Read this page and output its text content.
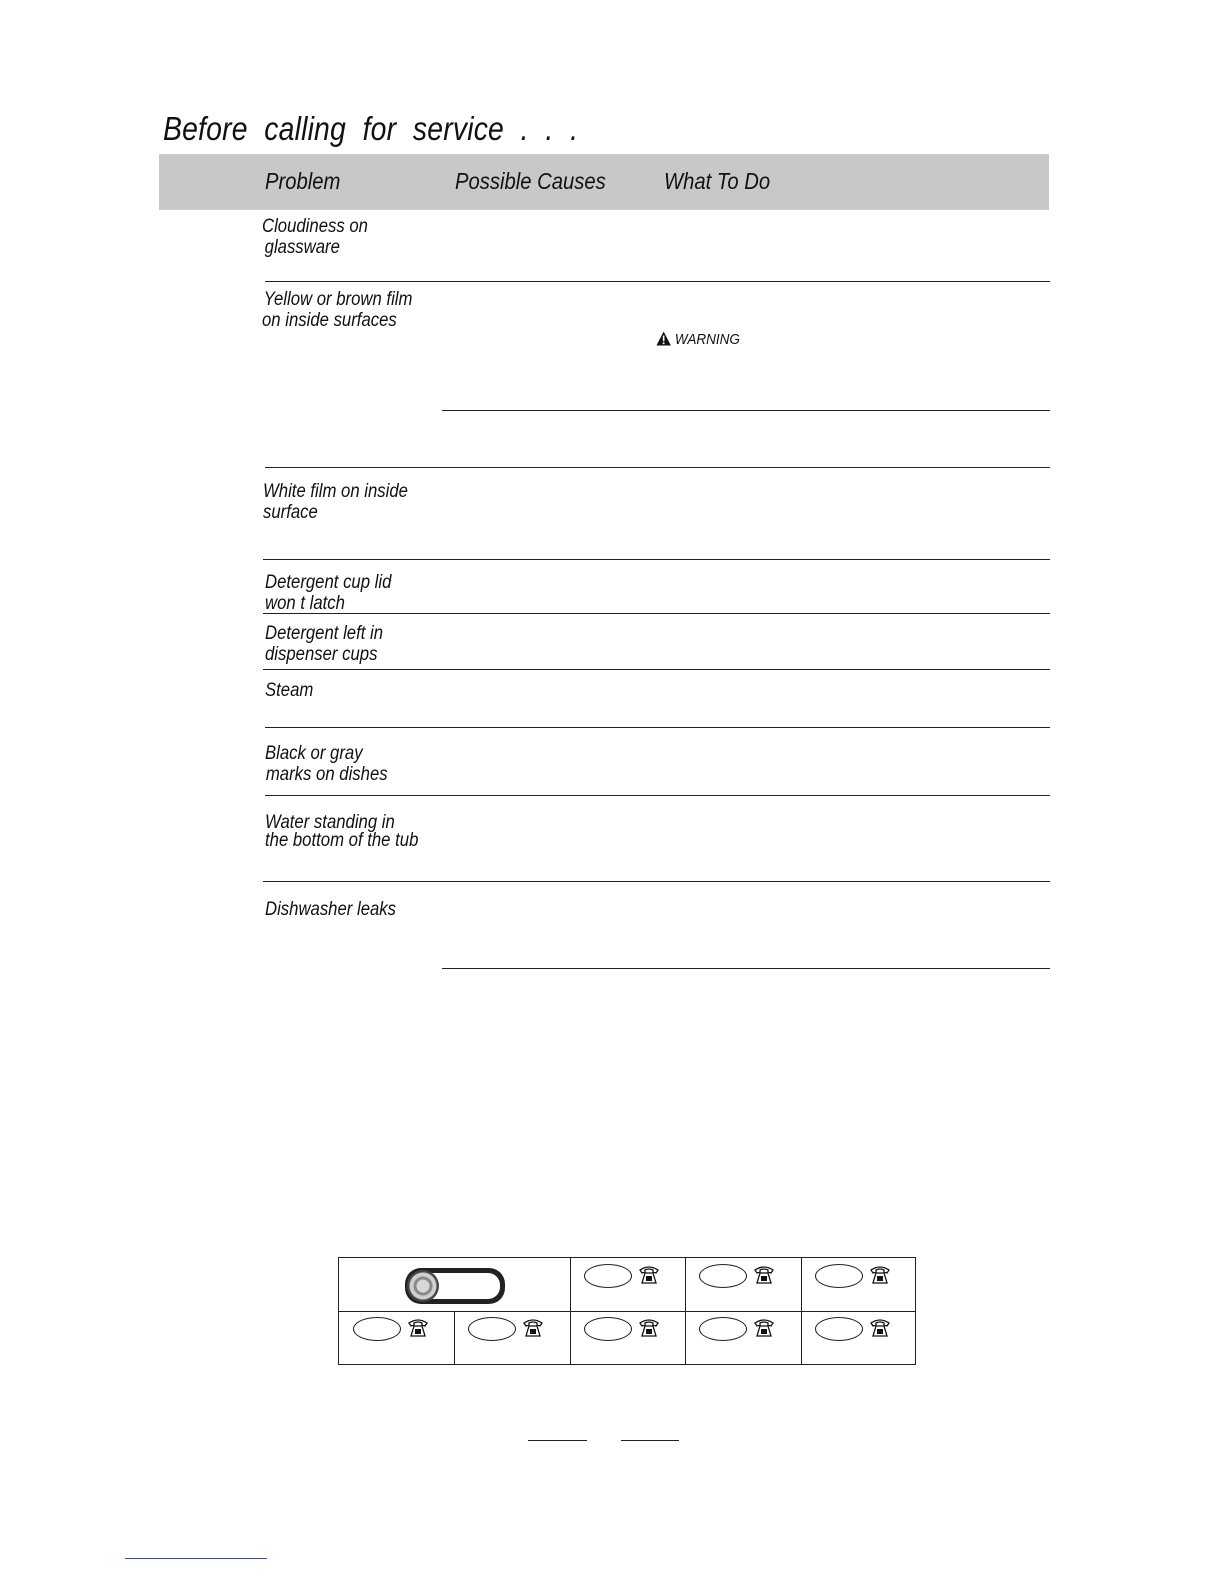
Before calling for service . . .
Problem	Possible Causes	What To Do
Cloudiness on
glassware
Yellow or brown film
on inside surfaces
WARNING
White film on inside
surface
Detergent cup lid
won t latch
Detergent left in
dispenser cups
Steam
Black or gray
marks on dishes
Water standing in
the bottom of the tub
Dishwasher leaks
